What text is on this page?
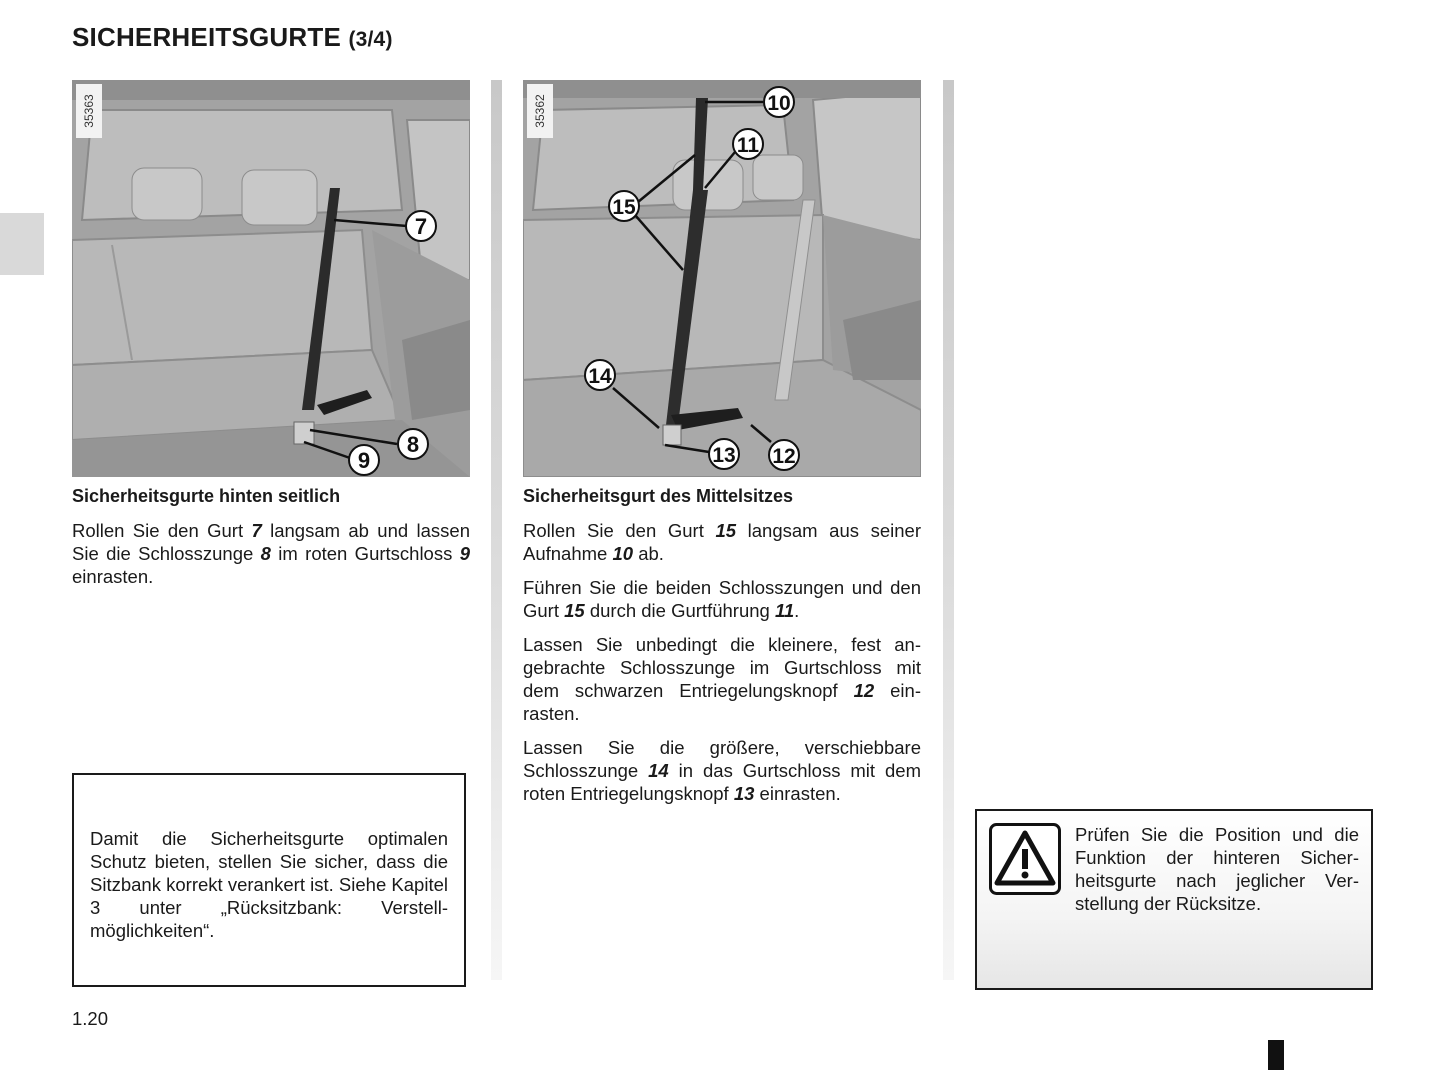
SICHERHEITSGURTE (3/4)
7
8
9
35363	10
11
15
14
13 12
35362
Sicherheitsgurte hinten seitlich

Rollen Sie den Gurt 7 langsam ab und lassen Sie die Schlosszunge 8 im roten Gurtschloss 9 einrasten.

Sicherheitsgurt des Mittelsitzes

Rollen Sie den Gurt 15 langsam aus seiner Aufnahme 10 ab.

Führen Sie die beiden Schlosszungen und den Gurt 15 durch die Gurtführung 11.

Lassen Sie unbedingt die kleinere, fest angebrachte Schlosszunge im Gurtschloss mit dem schwarzen Entriegelungsknopf 12 einrasten.

Lassen Sie die größere, verschiebbare Schlosszunge 14 in das Gurtschloss mit dem roten Entriegelungsknopf 13 einrasten.

Damit die Sicherheitsgurte optimalen Schutz bieten, stellen Sie sicher, dass die Sitzbank korrekt verankert ist. Siehe Kapitel 3 unter „Rücksitzbank: Verstellmöglichkeiten“.
Prüfen Sie die Position und die Funktion der hinteren Sicherheitsgurte nach jeglicher Verstellung der Rücksitze.
1.20
